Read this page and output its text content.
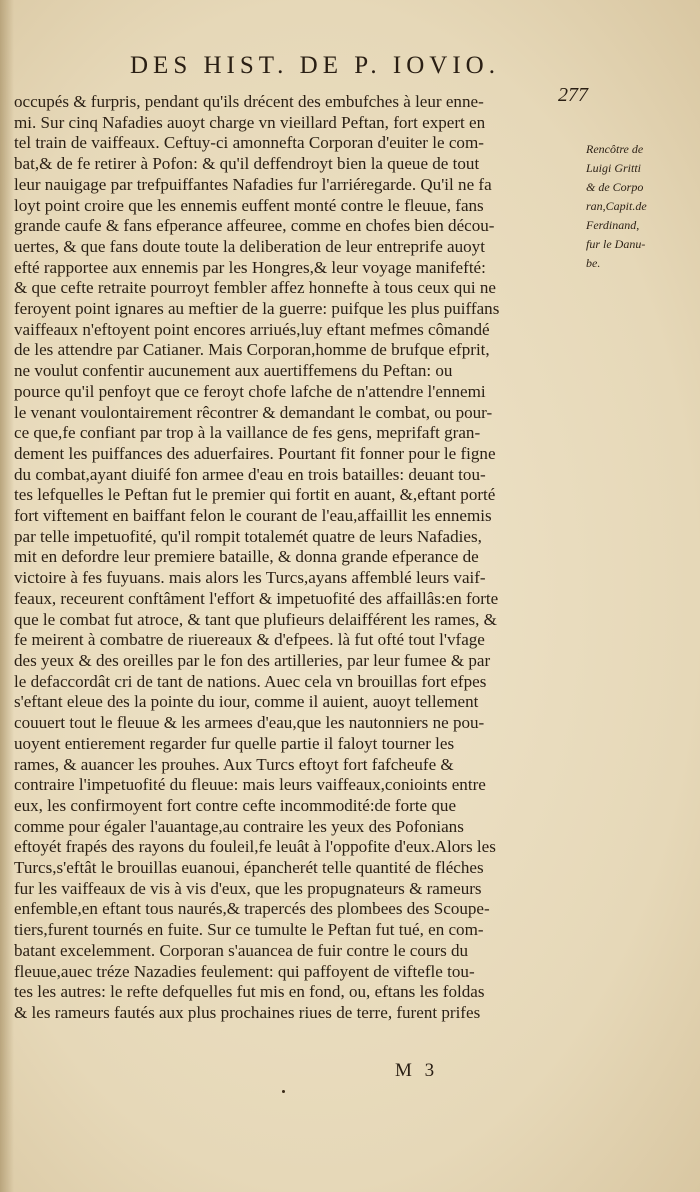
DES HIST. DE P. IOVIO.
277
occupés & furpris, pendant qu'ils drécent des embufches à leur enne-
mi. Sur cinq Nafadies auoyt charge vn vieillard Peftan, fort expert en
tel train de vaiffeaux. Ceftuy-ci amonnefta Corporan d'euiter le com-
bat,& de fe retirer à Pofon: & qu'il deffendroyt bien la queue de tout
leur nauigage par trefpuiffantes Nafadies fur l'arriéregarde. Qu'il ne fa
loyt point croire que les ennemis euffent monté contre le fleuue, fans
grande caufe & fans efperance affeuree, comme en chofes bien décou-
uertes, & que fans doute toute la deliberation de leur entreprife auoyt
efté rapportee aux ennemis par les Hongres,& leur voyage manifefté:
& que cefte retraite pourroyt fembler affez honnefte à tous ceux qui ne
feroyent point ignares au meftier de la guerre: puifque les plus puiffans
vaiffeaux n'eftoyent point encores arriués,luy eftant mefmes cômandé
de les attendre par Catianer. Mais Corporan,homme de brufque efprit,
ne voulut confentir aucunement aux auertiffemens du Peftan: ou
pource qu'il penfoyt que ce feroyt chofe lafche de n'attendre l'ennemi
le venant voulontairement rêcontrer & demandant le combat, ou pour-
ce que,fe confiant par trop à la vaillance de fes gens, meprifaft gran-
dement les puiffances des aduerfaires. Pourtant fit fonner pour le figne
du combat,ayant diuifé fon armee d'eau en trois batailles: deuant tou-
tes lefquelles le Peftan fut le premier qui fortit en auant, &,eftant porté
fort viftement en baiffant felon le courant de l'eau,affaillit les ennemis
par telle impetuofité, qu'il rompit totalemét quatre de leurs Nafadies,
mit en defordre leur premiere bataille, & donna grande efperance de
victoire à fes fuyuans. mais alors les Turcs,ayans affemblé leurs vaif-
feaux, receurent conftâment l'effort & impetuofité des affaillâs:en forte
que le combat fut atroce, & tant que plufieurs delaifférent les rames, &
fe meirent à combatre de riuereaux & d'efpees. là fut ofté tout l'vfage
des yeux & des oreilles par le fon des artilleries, par leur fumee & par
le defaccordât cri de tant de nations. Auec cela vn brouillas fort efpes
s'eftant eleue des la pointe du iour, comme il auient, auoyt tellement
couuert tout le fleuue & les armees d'eau,que les nautonniers ne pou-
uoyent entierement regarder fur quelle partie il faloyt tourner les
rames, & auancer les prouhes. Aux Turcs eftoyt fort fafcheufe &
contraire l'impetuofité du fleuue: mais leurs vaiffeaux,conioints entre
eux, les confirmoyent fort contre cefte incommodité:de forte que
comme pour égaler l'auantage,au contraire les yeux des Pofonians
eftoyét frapés des rayons du fouleil,fe leuât à l'oppofite d'eux.Alors les
Turcs,s'eftât le brouillas euanoui, épancherét telle quantité de fléches
fur les vaiffeaux de vis à vis d'eux, que les propugnateurs & rameurs
enfemble,en eftant tous naurés,& trapercés des plombees des Scoupe-
tiers,furent tournés en fuite. Sur ce tumulte le Peftan fut tué, en com-
batant excelemment. Corporan s'auancea de fuir contre le cours du
fleuue,auec tréze Nazadies feulement: qui paffoyent de viftefle tou-
tes les autres: le refte defquelles fut mis en fond, ou, eftans les foldas
& les rameurs fautés aux plus prochaines riues de terre, furent prifes
Rencôtre de
Luigi Gritti
& de Corpo
ran,Capit.de
Ferdinand,
fur le Danu-
be.
M 3
